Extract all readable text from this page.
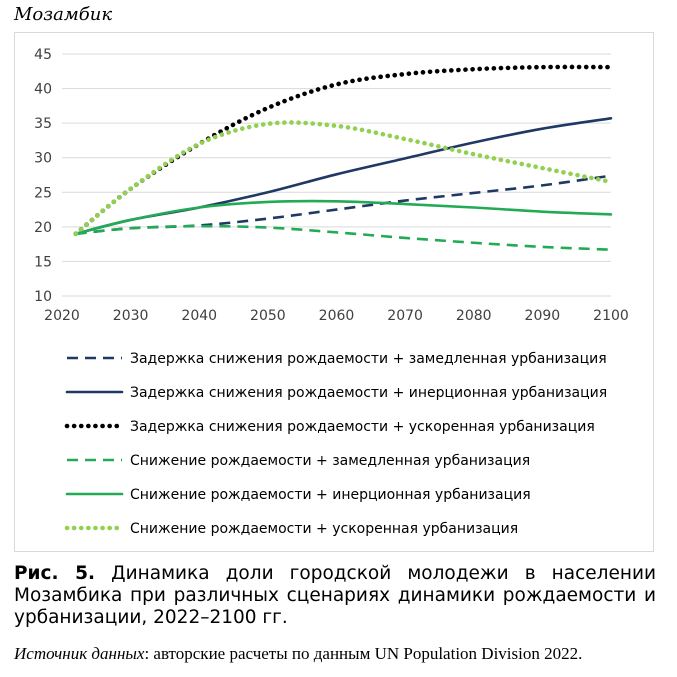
Мозамбик
10
15
20
25
30
35
40
45
2020 2030 2040 2050 2060 2070 2080 2090 2100
Задержка снижения рождаемости + замедленная урбанизация
Задержка снижения рождаемости + инерционная урбанизация
Задержка снижения рождаемости + ускоренная урбанизация
Снижение рождаемости + замедленная урбанизация
Снижение рождаемости + инерционная урбанизация
Снижение рождаемости + ускоренная урбанизация
Рис. 5. Динамика доли городской молодежи в населении Мозамбика при различных сценариях динамики рождаемости и урбанизации, 2022–2100 гг.
Источник данных: авторские расчеты по данным UN Population Division 2022.
